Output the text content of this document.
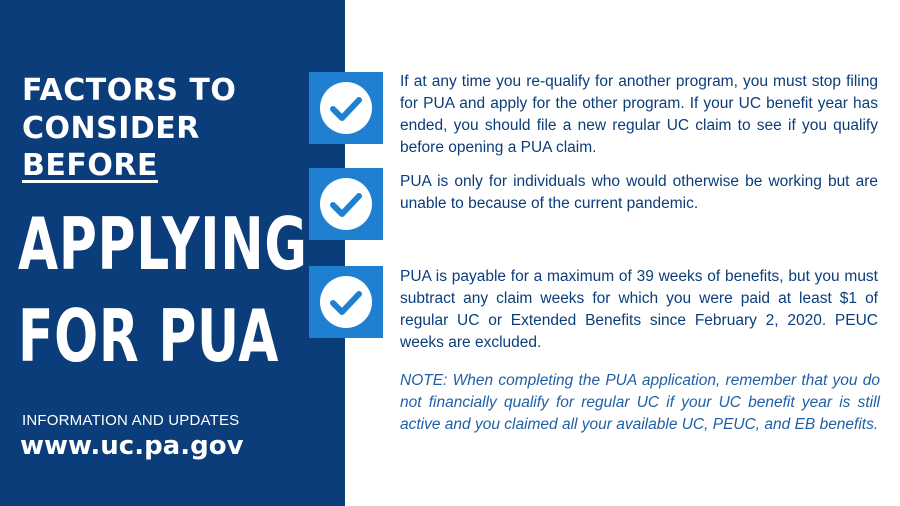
FACTORS TO
CONSIDER
BEFORE
APPLYING
FOR PUA
INFORMATION AND UPDATES
www.uc.pa.gov

If at any time you re-qualify for another program, you must stop filing for PUA and apply for the other program. If your UC benefit year has ended, you should file a new regular UC claim to see if you qualify before opening a PUA claim.

PUA is only for individuals who would otherwise be working but are unable to because of the current pandemic.

PUA is payable for a maximum of 39 weeks of benefits, but you must subtract any claim weeks for which you were paid at least $1 of regular UC or Extended Benefits since February 2, 2020. PEUC weeks are excluded.

NOTE: When completing the PUA application, remember that you do not financially qualify for regular UC if your UC benefit year is still active and you claimed all your available UC, PEUC, and EB benefits.
